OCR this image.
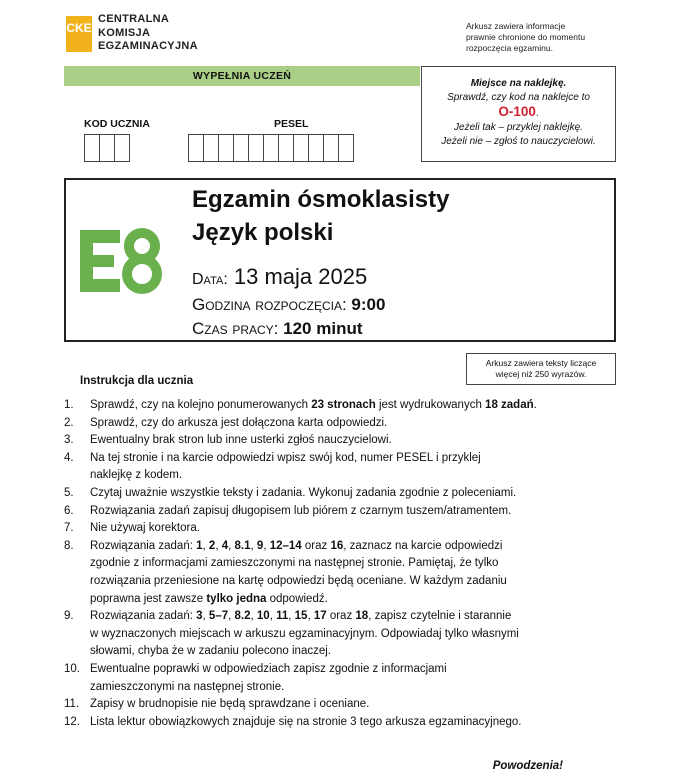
CKE
CENTRALNA
KOMISJA
EGZAMINACYJNA
Arkusz zawiera informacje
prawnie chronione do momentu
rozpoczęcia egzaminu.
WYPEŁNIA UCZEŃ
KOD UCZNIA	PESEL
Miejsce na naklejkę.
Sprawdź, czy kod na naklejce to
O-100.
Jeżeli tak – przyklej naklejkę.
Jeżeli nie – zgłoś to nauczycielowi.
E8
Egzamin ósmoklasisty
Język polski
Data: 13 maja 2025
Godzina rozpoczęcia: 9:00
Czas pracy: 120 minut
Arkusz zawiera teksty liczące
więcej niż 250 wyrazów.
Instrukcja dla ucznia
1.	Sprawdź, czy na kolejno ponumerowanych 23 stronach jest wydrukowanych 18 zadań.
2.	Sprawdź, czy do arkusza jest dołączona karta odpowiedzi.
3.	Ewentualny brak stron lub inne usterki zgłoś nauczycielowi.
4.	Na tej stronie i na karcie odpowiedzi wpisz swój kod, numer PESEL i przyklej
naklejkę z kodem.
5.	Czytaj uważnie wszystkie teksty i zadania. Wykonuj zadania zgodnie z poleceniami.
6.	Rozwiązania zadań zapisuj długopisem lub piórem z czarnym tuszem/atramentem.
7.	Nie używaj korektora.
8.	Rozwiązania zadań: 1, 2, 4, 8.1, 9, 12–14 oraz 16, zaznacz na karcie odpowiedzi
zgodnie z informacjami zamieszczonymi na następnej stronie. Pamiętaj, że tylko
rozwiązania przeniesione na kartę odpowiedzi będą oceniane. W każdym zadaniu
poprawna jest zawsze tylko jedna odpowiedź.
9.	Rozwiązania zadań: 3, 5–7, 8.2, 10, 11, 15, 17 oraz 18, zapisz czytelnie i starannie
w wyznaczonych miejscach w arkuszu egzaminacyjnym. Odpowiadaj tylko własnymi
słowami, chyba że w zadaniu polecono inaczej.
10. Ewentualne poprawki w odpowiedziach zapisz zgodnie z informacjami
zamieszczonymi na następnej stronie.
11. Zapisy w brudnopisie nie będą sprawdzane i oceniane.
12. Lista lektur obowiązkowych znajduje się na stronie 3 tego arkusza egzaminacyjnego.
Powodzenia!
